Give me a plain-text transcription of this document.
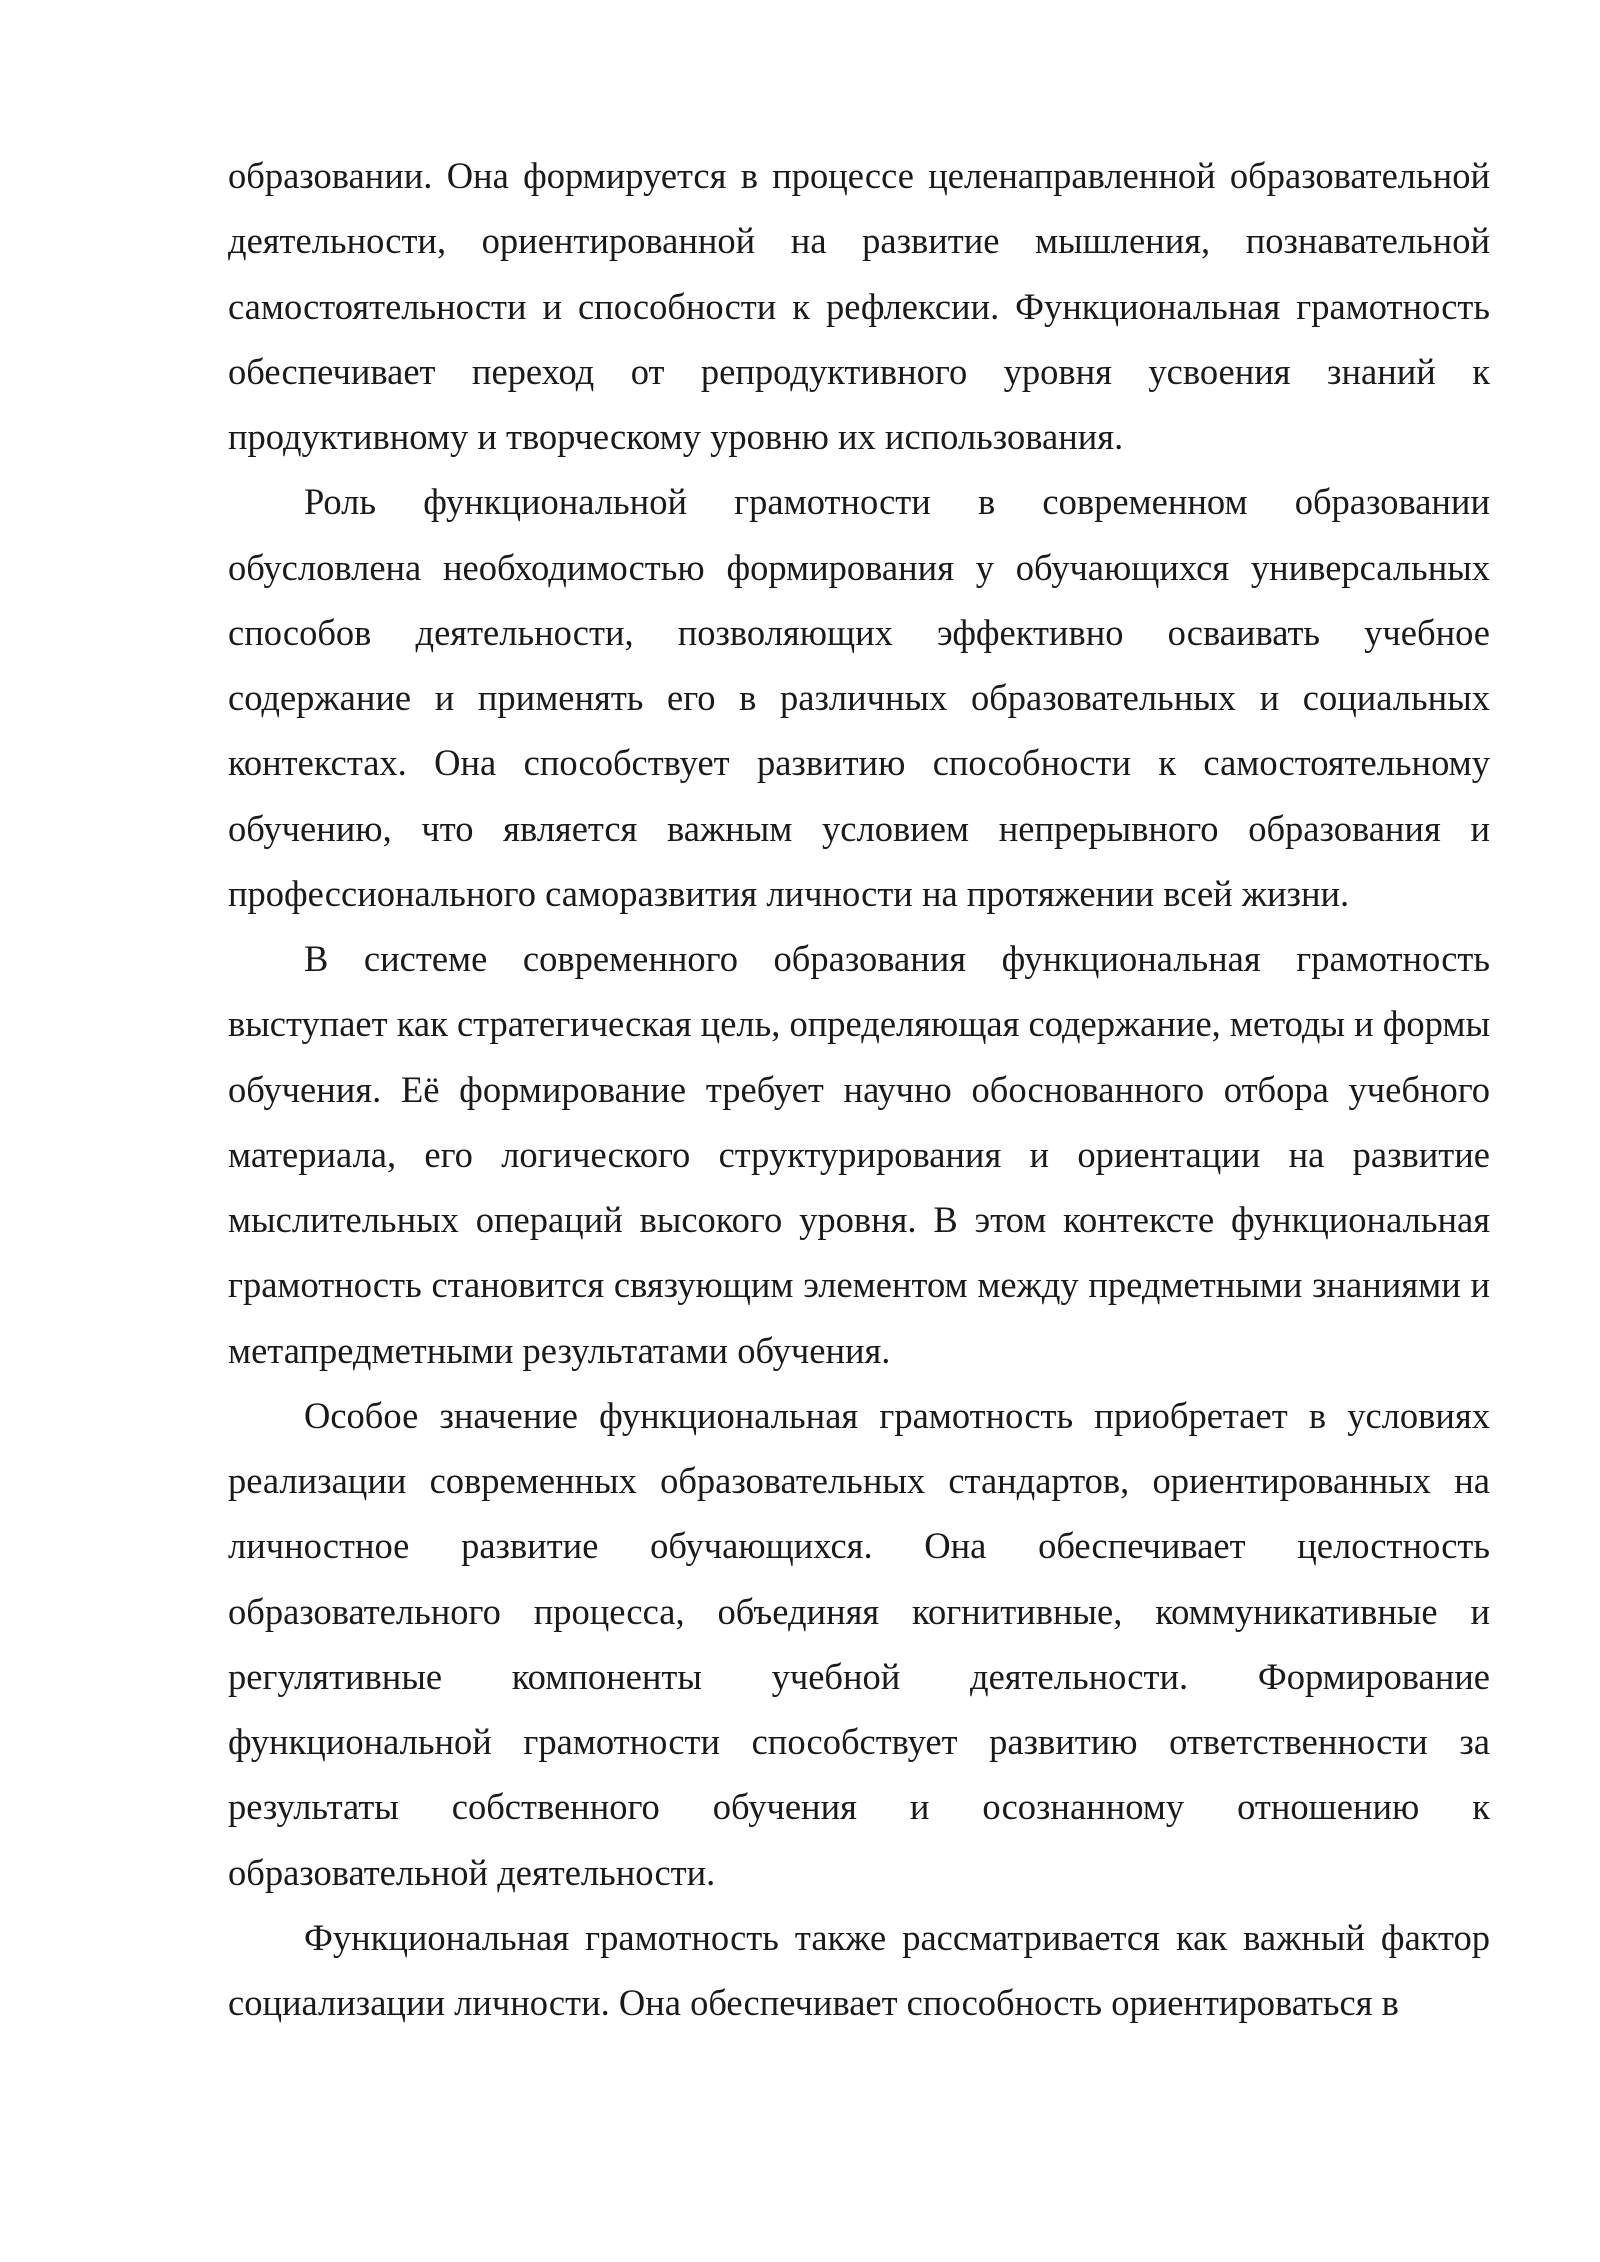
образовании. Она формируется в процессе целенаправленной образовательной деятельности, ориентированной на развитие мышления, познавательной самостоятельности и способности к рефлексии. Функциональная грамотность обеспечивает переход от репродуктивного уровня усвоения знаний к продуктивному и творческому уровню их использования.

Роль функциональной грамотности в современном образовании обусловлена необходимостью формирования у обучающихся универсальных способов деятельности, позволяющих эффективно осваивать учебное содержание и применять его в различных образовательных и социальных контекстах. Она способствует развитию способности к самостоятельному обучению, что является важным условием непрерывного образования и профессионального саморазвития личности на протяжении всей жизни.

В системе современного образования функциональная грамотность выступает как стратегическая цель, определяющая содержание, методы и формы обучения. Её формирование требует научно обоснованного отбора учебного материала, его логического структурирования и ориентации на развитие мыслительных операций высокого уровня. В этом контексте функциональная грамотность становится связующим элементом между предметными знаниями и метапредметными результатами обучения.

Особое значение функциональная грамотность приобретает в условиях реализации современных образовательных стандартов, ориентированных на личностное развитие обучающихся. Она обеспечивает целостность образовательного процесса, объединяя когнитивные, коммуникативные и регулятивные компоненты учебной деятельности. Формирование функциональной грамотности способствует развитию ответственности за результаты собственного обучения и осознанному отношению к образовательной деятельности.

Функциональная грамотность также рассматривается как важный фактор социализации личности. Она обеспечивает способность ориентироваться в
